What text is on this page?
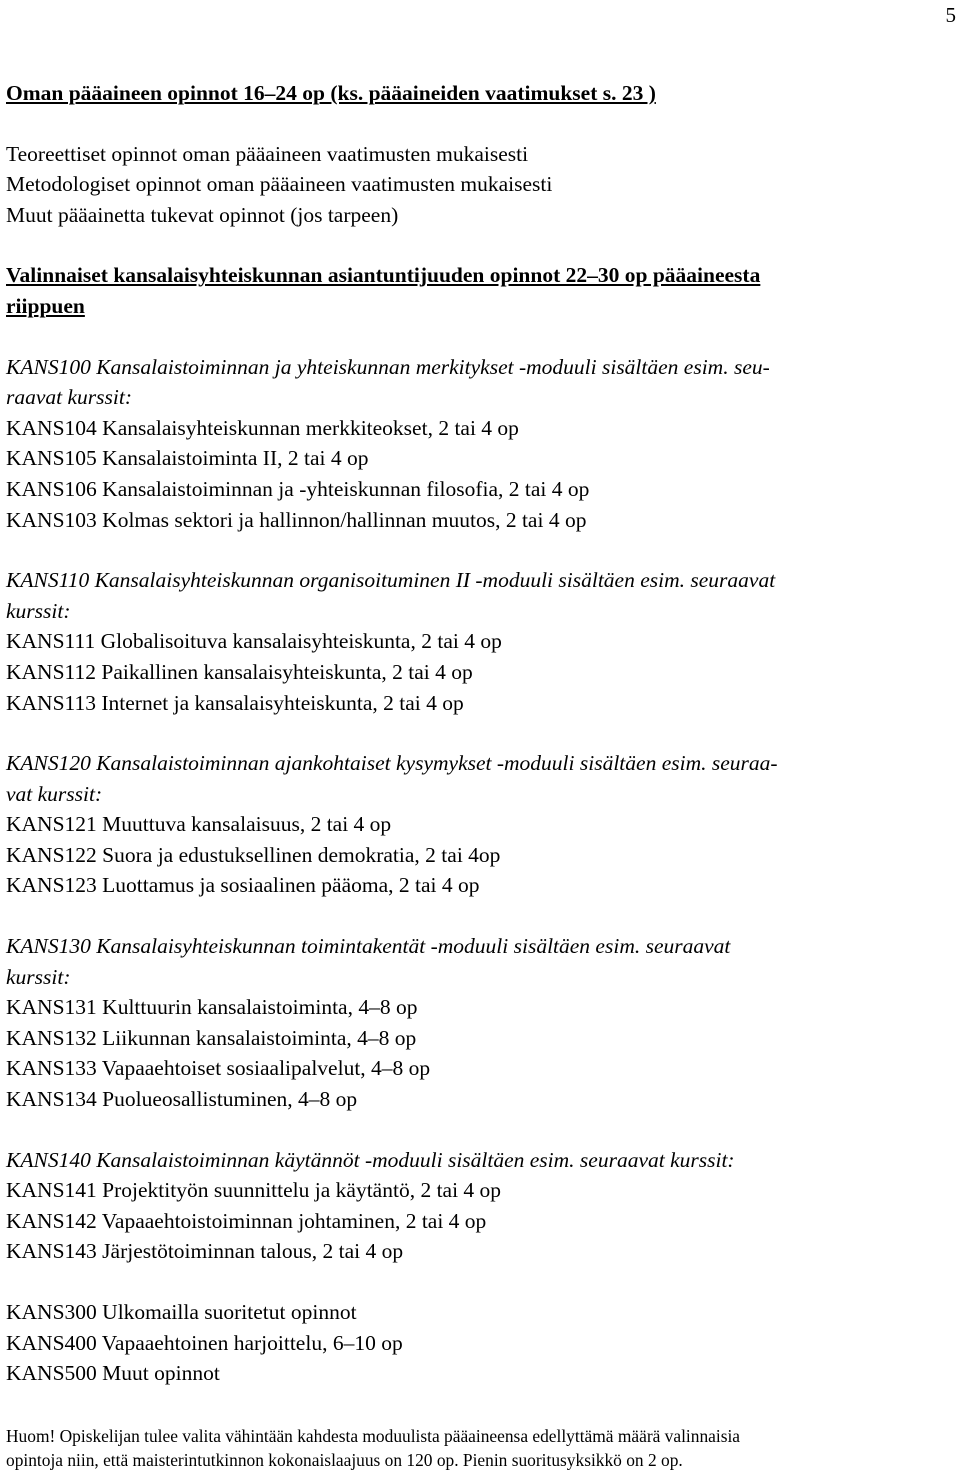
5
Oman pääaineen opinnot 16–24 op (ks. pääaineiden vaatimukset s. 23 )
Teoreettiset opinnot oman pääaineen vaatimusten mukaisesti
Metodologiset opinnot oman pääaineen vaatimusten mukaisesti
Muut pääainetta tukevat opinnot (jos tarpeen)
Valinnaiset kansalaisyhteiskunnan asiantuntijuuden opinnot 22–30 op pääaineesta
riippuen
KANS100 Kansalaistoiminnan ja yhteiskunnan merkitykset -moduuli sisältäen esim. seu-
raavat kurssit:
KANS104 Kansalaisyhteiskunnan merkkiteokset, 2 tai 4 op
KANS105 Kansalaistoiminta II, 2 tai 4 op
KANS106 Kansalaistoiminnan ja -yhteiskunnan filosofia, 2 tai 4 op
KANS103 Kolmas sektori ja hallinnon/hallinnan muutos, 2 tai 4 op
KANS110 Kansalaisyhteiskunnan organisoituminen II -moduuli sisältäen esim. seuraavat
kurssit:
KANS111 Globalisoituva kansalaisyhteiskunta, 2 tai 4 op
KANS112 Paikallinen kansalaisyhteiskunta, 2 tai 4 op
KANS113 Internet ja kansalaisyhteiskunta, 2 tai 4 op
KANS120 Kansalaistoiminnan ajankohtaiset kysymykset -moduuli sisältäen esim. seuraa-
vat kurssit:
KANS121 Muuttuva kansalaisuus, 2 tai 4 op
KANS122 Suora ja edustuksellinen demokratia, 2 tai 4op
KANS123 Luottamus ja sosiaalinen pääoma, 2 tai 4 op
KANS130 Kansalaisyhteiskunnan toimintakentät -moduuli sisältäen esim. seuraavat
kurssit:
KANS131 Kulttuurin kansalaistoiminta, 4–8 op
KANS132 Liikunnan kansalaistoiminta, 4–8 op
KANS133 Vapaaehtoiset sosiaalipalvelut, 4–8 op
KANS134 Puolueosallistuminen, 4–8 op
KANS140 Kansalaistoiminnan käytännöt -moduuli sisältäen esim. seuraavat kurssit:
KANS141 Projektityön suunnittelu ja käytäntö, 2 tai 4 op
KANS142 Vapaaehtoistoiminnan johtaminen, 2 tai 4 op
KANS143 Järjestötoiminnan talous, 2 tai 4 op
KANS300 Ulkomailla suoritetut opinnot
KANS400 Vapaaehtoinen harjoittelu, 6–10 op
KANS500 Muut opinnot
Huom! Opiskelijan tulee valita vähintään kahdesta moduulista pääaineensa edellyttämä määrä valinnaisia
opintoja niin, että maisterintutkinnon kokonaislaajuus on 120 op. Pienin suoritusyksikkö on 2 op.
